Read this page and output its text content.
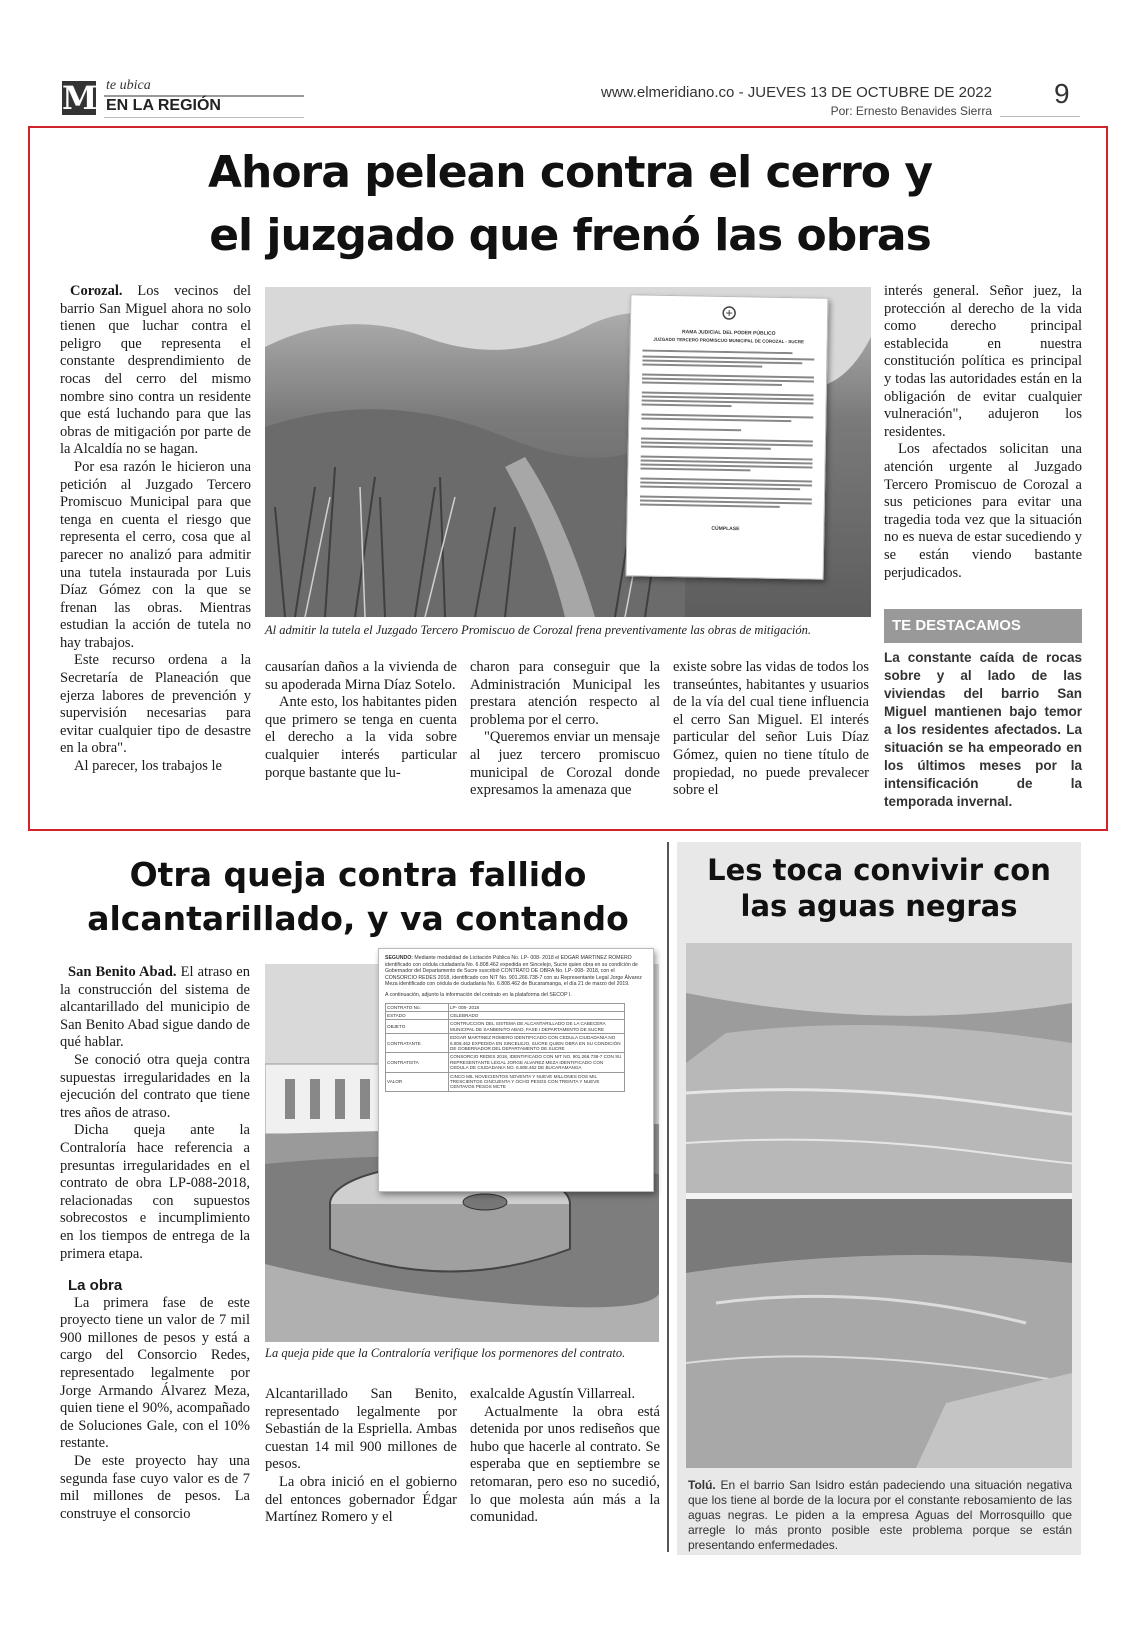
M te ubica
EN LA REGIÓN
www.elmeridiano.co - JUEVES 13 DE OCTUBRE DE 2022
Por: Ernesto Benavides Sierra
9
Ahora pelean contra el cerro y
el juzgado que frenó las obras

Corozal. Los vecinos del barrio San Miguel ahora no solo tienen que luchar contra el peligro que representa el constante desprendimiento de rocas del cerro del mismo nombre sino contra un residente que está luchando para que las obras de mitigación por parte de la Alcaldía no se hagan.

Por esa razón le hicieron una petición al Juzgado Tercero Promiscuo Municipal para que tenga en cuenta el riesgo que representa el cerro, cosa que al parecer no analizó para admitir una tutela instaurada por Luis Díaz Gómez con la que se frenan las obras. Mientras estudian la acción de tutela no hay trabajos.

Este recurso ordena a la Secretaría de Planeación que ejerza labores de prevención y supervisión necesarias para evitar cualquier tipo de desastre en la obra".

Al parecer, los trabajos le

RAMA JUDICIAL DEL PODER PÚBLICO
JUZGADO TERCERO PROMISCUO MUNICIPAL DE COROZAL - SUCRE
CÚMPLASE
Al admitir la tutela el Juzgado Tercero Promiscuo de Corozal frena preventivamente las obras de mitigación.

causarían daños a la vivienda de su apoderada Mirna Díaz Sotelo.

Ante esto, los habitantes piden que primero se tenga en cuenta el derecho a la vida sobre cualquier interés particular porque bastante que lu-

charon para conseguir que la Administración Municipal les prestara atención respecto al problema por el cerro.

"Queremos enviar un mensaje al juez tercero promiscuo municipal de Corozal donde expresamos la amenaza que

existe sobre las vidas de todos los transeúntes, habitantes y usuarios de la vía del cual tiene influencia el cerro San Miguel. El interés particular del señor Luis Díaz Gómez, quien no tiene título de propiedad, no puede prevalecer sobre el

interés general. Señor juez, la protección al derecho de la vida como derecho principal establecida en nuestra constitución política es principal y todas las autoridades están en la obligación de evitar cualquier vulneración", adujeron los residentes.

Los afectados solicitan una atención urgente al Juzgado Tercero Promiscuo de Corozal a sus peticiones para evitar una tragedia toda vez que la situación no es nueva de estar sucediendo y se están viendo bastante perjudicados.

TE DESTACAMOS
La constante caída de rocas sobre y al lado de las viviendas del barrio San Miguel mantienen bajo temor a los residentes afectados. La situación se ha empeorado en los últimos meses por la intensificación de la temporada invernal.
Otra queja contra fallido
alcantarillado, y va contando

San Benito Abad. El atraso en la construcción del sistema de alcantarillado del municipio de San Benito Abad sigue dando de qué hablar.

Se conoció otra queja contra supuestas irregularidades en la ejecución del contrato que tiene tres años de atraso.

Dicha queja ante la Contraloría hace referencia a presuntas irregularidades en el contrato de obra LP-088-2018, relacionadas con supuestos sobrecostos e incumplimiento en los tiempos de entrega de la primera etapa.

La obra

La primera fase de este proyecto tiene un valor de 7 mil 900 millones de pesos y está a cargo del Consorcio Redes, representado legalmente por Jorge Armando Álvarez Meza, quien tiene el 90%, acompañado de Soluciones Gale, con el 10% restante.

De este proyecto hay una segunda fase cuyo valor es de 7 mil millones de pesos. La construye el consorcio

SEGUNDO: Mediante modalidad de Licitación Pública No. LP- 008- 2018 el EDGAR MARTINEZ ROMERO identificado con cédula ciudadanía No. 6.808.462 expedida en Sincelejo, Sucre quien obra en su condición de Gobernador del Departamento de Sucre suscribió CONTRATO DE OBRA No. LP- 008- 2018, con el CONSORCIO REDES 2018, identificado con NIT No. 901.266.738-7 con su Representante Legal Jorge Álvarez Meza identificado con cédula de ciudadanía No. 6.808.462 de Bucaramanga, el día 21 de marzo del 2019.
A continuación, adjunto la información del contrato en la plataforma del SECOP I.
CONTRATO No.	LP- 008- 2018
ESTADO	CELEBRADO
OBJETO	CONTRUCCION DEL SISTEMA DE ALCANTARILLADO DE LA CABECERA MUNICIPAL DE SANBENITO ABAD, FASE I DEPARTAMENTO DE SUCRE
CONTRATANTE	EDGAR MARTINEZ ROMERO IDENTIFICADO CON CEDULA CIUDADANIA NO 6.808.462 EXPEDIDA EN SINCELEJO, SUCRE QUIEN OBRA EN SU CONDICIÓN DE GOBERNADOR DEL DEPARTAMENTO DE SUCRE
CONTRATISTA	CONSORCIO REDES 2018, IDENTIFICADO CON NIT NO. 901.266.738-7 CON SU REPRESENTANTE LEGAL JORGE ALVAREZ MEZA IDENTIFICADO CON CEDULA DE CIUDADANIA NO. 6.808.462 DE BUCARAMANGA
VALOR	CINCO MIL NOVECIENTOS NOVENTA Y NUEVE MILLONES DOS MIL TRESCIENTOS CINCUENTA Y OCHO PESOS CON TREINTA Y NUEVE CENTAVOS PESOS MCTE
La queja pide que la Contraloría verifique los pormenores del contrato.

Alcantarillado San Benito, representado legalmente por Sebastián de la Espriella. Ambas cuestan 14 mil 900 millones de pesos.

La obra inició en el gobierno del entonces gobernador Édgar Martínez Romero y el

exalcalde Agustín Villarreal.

Actualmente la obra está detenida por unos rediseños que hubo que hacerle al contrato. Se esperaba que en septiembre se retomaran, pero eso no sucedió, lo que molesta aún más a la comunidad.

Les toca convivir con
las aguas negras
Tolú. En el barrio San Isidro están padeciendo una situación negativa que los tiene al borde de la locura por el constante rebosamiento de las aguas negras. Le piden a la empresa Aguas del Morrosquillo que arregle lo más pronto posible este problema porque se están presentando enfermedades.
